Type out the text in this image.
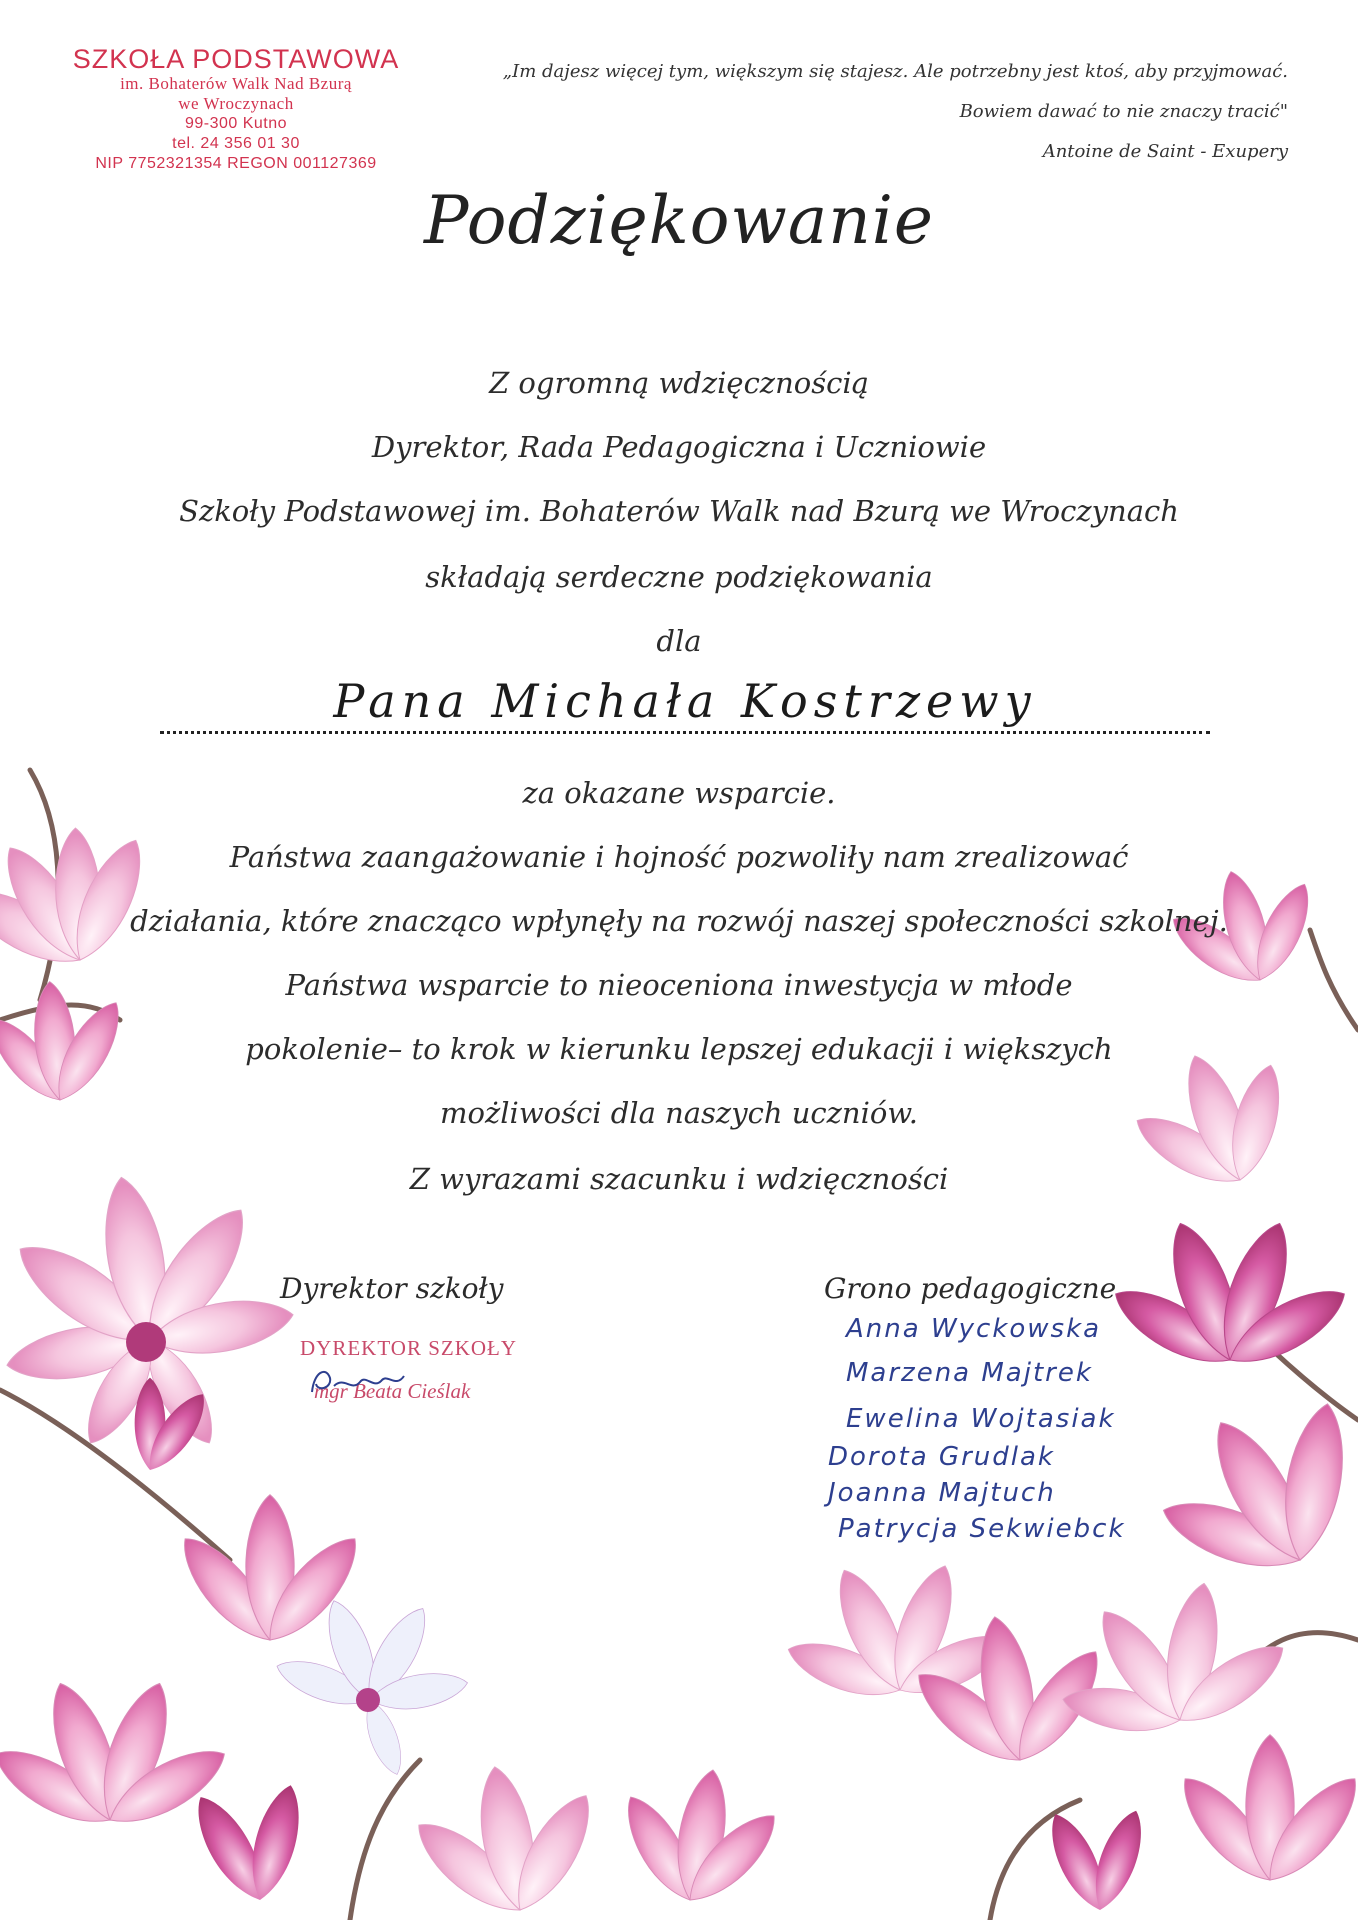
SZKOŁA PODSTAWOWA
im. Bohaterów Walk Nad Bzurą
we Wroczynach
99-300 Kutno
tel. 24 356 01 30
NIP 7752321354 REGON 001127369
„Im dajesz więcej tym, większym się stajesz. Ale potrzebny jest ktoś, aby przyjmować.
Bowiem dawać to nie znaczy tracić"
Antoine de Saint - Exupery
Podziękowanie
Z ogromną wdzięcznością
Dyrektor, Rada Pedagogiczna i Uczniowie
Szkoły Podstawowej im. Bohaterów Walk nad Bzurą we Wroczynach
składają serdeczne podziękowania
dla
Pana Michała Kostrzewy
za okazane wsparcie.
Państwa zaangażowanie i hojność pozwoliły nam zrealizować
działania, które znacząco wpłynęły na rozwój naszej społeczności szkolnej.
Państwa wsparcie to nieoceniona inwestycja w młode
pokolenie– to krok w kierunku lepszej edukacji i większych
możliwości dla naszych uczniów.
Z wyrazami szacunku i wdzięczności
Dyrektor szkoły
DYREKTOR SZKOŁY
mgr Beata Cieślak
Grono pedagogiczne
Anna Wyckowska
Marzena Majtrek
Ewelina Wojtasiak
Dorota Grudlak
Joanna Majtuch
Patrycja Sekwiebck
